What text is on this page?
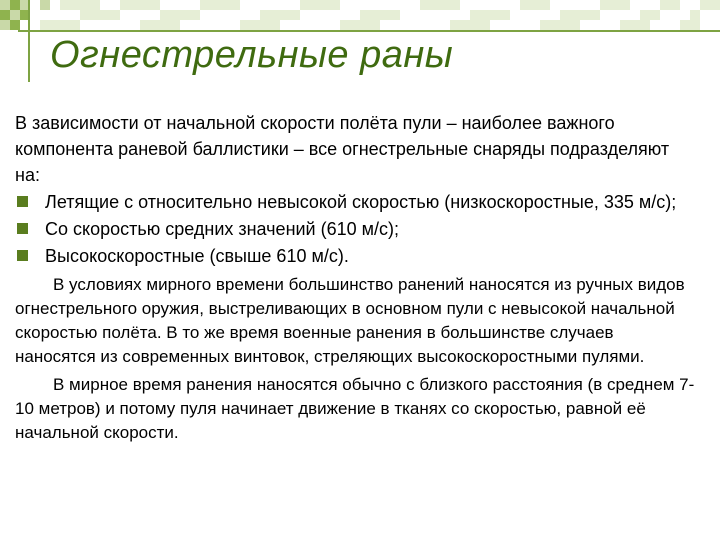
Огнестрельные раны

В зависимости от начальной скорости полёта пули – наиболее важного компонента раневой баллистики – все огнестрельные снаряды подразделяют на:

Летящие с относительно невысокой скоростью (низкоскоростные, 335 м/с);
Со скоростью средних значений (610 м/с);
Высокоскоростные (свыше 610 м/с).

В условиях мирного времени большинство ранений наносятся из ручных видов огнестрельного оружия, выстреливающих в основном пули с невысокой начальной скоростью полёта. В то же время военные ранения в большинстве случаев наносятся из современных винтовок, стреляющих высокоскоростными пулями.

В мирное время ранения наносятся обычно с близкого расстояния (в среднем 7-10 метров) и потому пуля начинает движение в тканях со скоростью, равной её начальной скорости.
